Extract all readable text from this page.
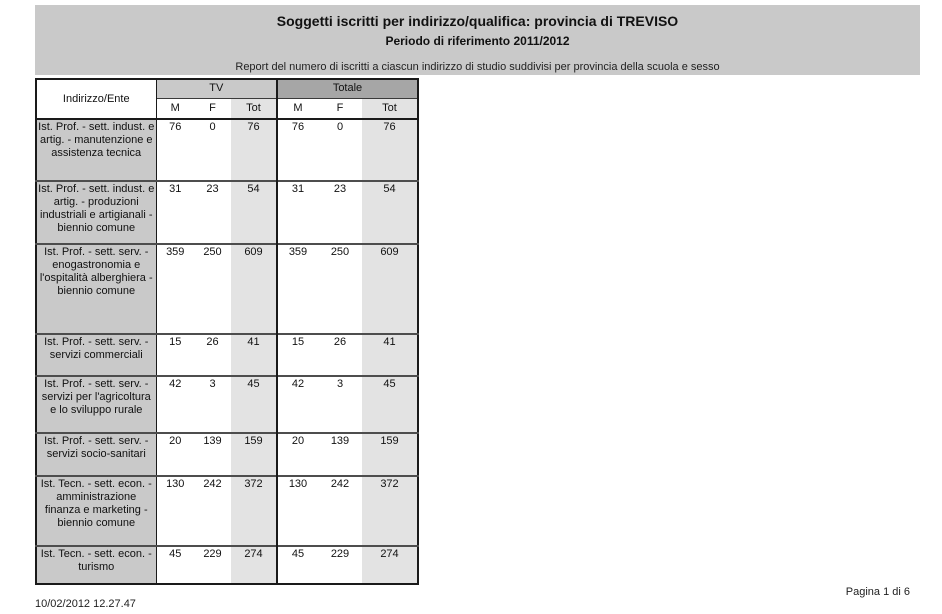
Soggetti iscritti per indirizzo/qualifica: provincia di TREVISO
Periodo di riferimento 2011/2012
Report del numero di iscritti a ciascun indirizzo di studio suddivisi per provincia della scuola e sesso
Indirizzo/Ente	TV			Totale		
	M	F	Tot	M	F	Tot
Ist. Prof. - sett. indust. e artig. - manutenzione e assistenza tecnica	76	0	76	76	0	76
Ist. Prof. - sett. indust. e artig. - produzioni industriali e artigianali - biennio comune	31	23	54	31	23	54
Ist. Prof. - sett. serv. - enogastronomia e l'ospitalità alberghiera - biennio comune	359	250	609	359	250	609
Ist. Prof. - sett. serv. - servizi commerciali	15	26	41	15	26	41
Ist. Prof. - sett. serv. - servizi per l'agricoltura e lo sviluppo rurale	42	3	45	42	3	45
Ist. Prof. - sett. serv. - servizi socio-sanitari	20	139	159	20	139	159
Ist. Tecn. - sett. econ. - amministrazione finanza e marketing - biennio comune	130	242	372	130	242	372
Ist. Tecn. - sett. econ. - turismo	45	229	274	45	229	274
10/02/2012 12.27.47
Pagina 1 di 6
